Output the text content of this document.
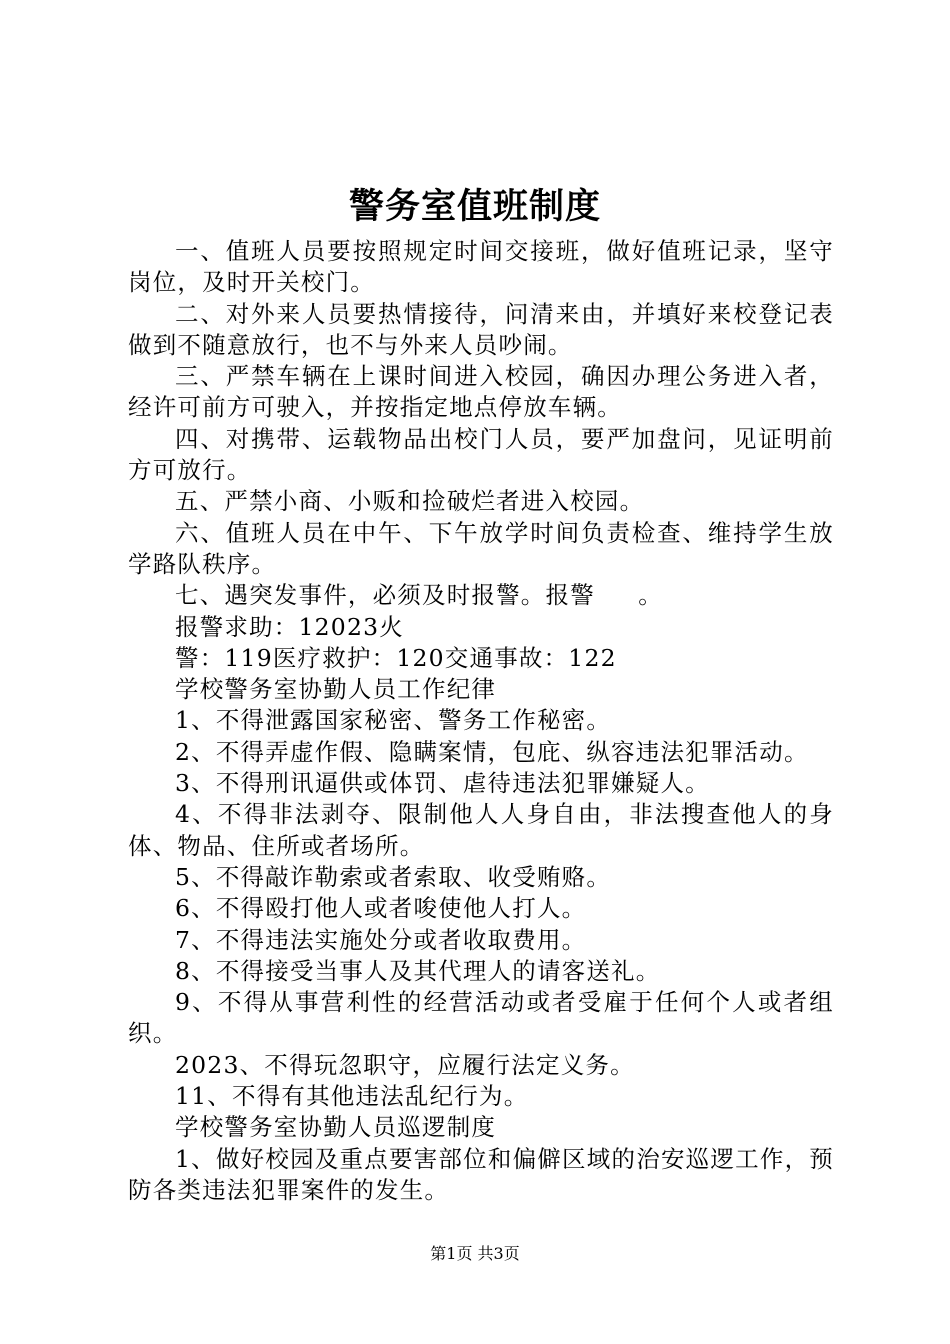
警务室值班制度

一、值班人员要按照规定时间交接班，做好值班记录，坚守岗位，及时开关校门。

二、对外来人员要热情接待，问清来由，并填好来校登记表做到不随意放行，也不与外来人员吵闹。

三、严禁车辆在上课时间进入校园，确因办理公务进入者，经许可前方可驶入，并按指定地点停放车辆。

四、对携带、运载物品出校门人员，要严加盘问，见证明前方可放行。

五、严禁小商、小贩和捡破烂者进入校园。

六、值班人员在中午、下午放学时间负责检查、维持学生放学路队秩序。

七、遇突发事件，必须及时报警。报警     。

报警求助：12023火

警：119医疗救护：120交通事故：122

学校警务室协勤人员工作纪律

1、不得泄露国家秘密、警务工作秘密。

2、不得弄虚作假、隐瞒案情，包庇、纵容违法犯罪活动。

3、不得刑讯逼供或体罚、虐待违法犯罪嫌疑人。

4、不得非法剥夺、限制他人人身自由，非法搜查他人的身体、物品、住所或者场所。

5、不得敲诈勒索或者索取、收受贿赂。

6、不得殴打他人或者唆使他人打人。

7、不得违法实施处分或者收取费用。

8、不得接受当事人及其代理人的请客送礼。

9、不得从事营利性的经营活动或者受雇于任何个人或者组织。

2023、不得玩忽职守，应履行法定义务。

11、不得有其他违法乱纪行为。

学校警务室协勤人员巡逻制度

1、做好校园及重点要害部位和偏僻区域的治安巡逻工作，预防各类违法犯罪案件的发生。

第1页 共3页
